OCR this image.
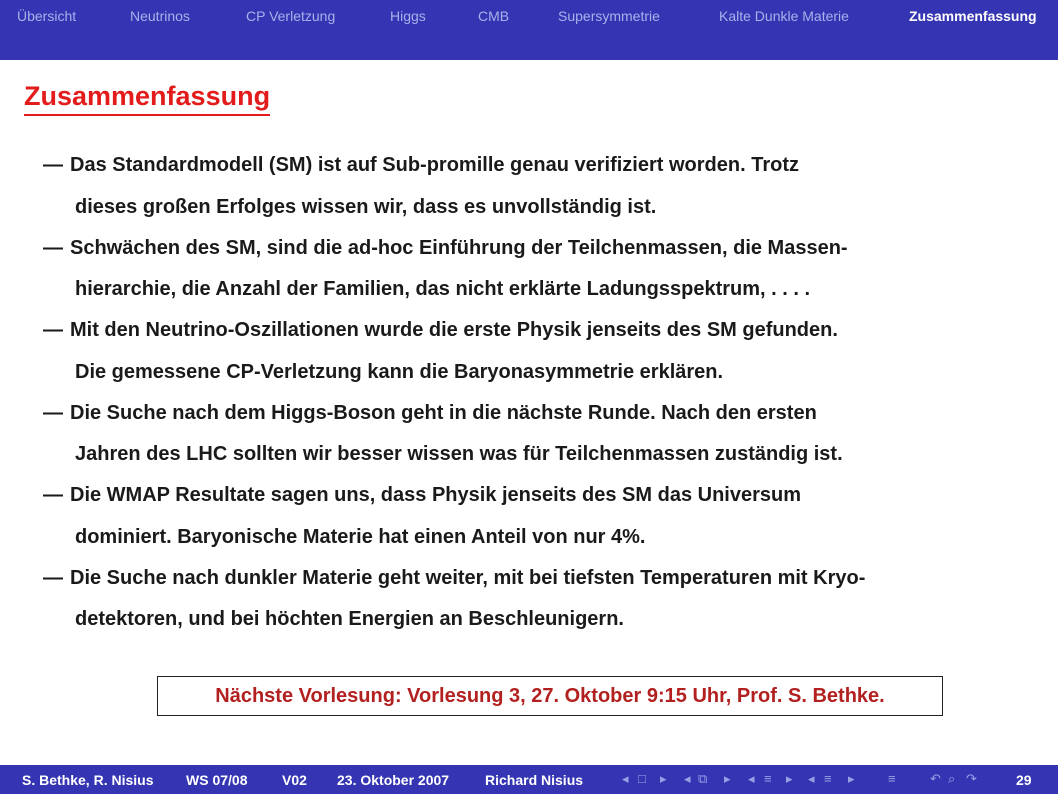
Übersicht	Neutrinos	CP Verletzung	Higgs	CMB	Supersymmetrie	Kalte Dunkle Materie	Zusammenfassung
Zusammenfassung
— Das Standardmodell (SM) ist auf Sub-promille genau verifiziert worden. Trotz
dieses großen Erfolges wissen wir, dass es unvollständig ist.
— Schwächen des SM, sind die ad-hoc Einführung der Teilchenmassen, die Massen-
hierarchie, die Anzahl der Familien, das nicht erklärte Ladungsspektrum, . . . .
— Mit den Neutrino-Oszillationen wurde die erste Physik jenseits des SM gefunden.
Die gemessene CP-Verletzung kann die Baryonasymmetrie erklären.
— Die Suche nach dem Higgs-Boson geht in die nächste Runde. Nach den ersten
Jahren des LHC sollten wir besser wissen was für Teilchenmassen zuständig ist.
— Die WMAP Resultate sagen uns, dass Physik jenseits des SM das Universum
dominiert. Baryonische Materie hat einen Anteil von nur 4%.
— Die Suche nach dunkler Materie geht weiter, mit bei tiefsten Temperaturen mit Kryo-
detektoren, und bei höchten Energien an Beschleunigern.
Nächste Vorlesung: Vorlesung 3, 27. Oktober 9:15 Uhr, Prof. S. Bethke.
S. Bethke, R. Nisius WS 07/08 V02 23. Oktober 2007	Richard Nisius	◂ □ ▸ ◂ ⧉ ▸ ◂ ≡ ▸ ◂ ≡ ▸	≡	↶ ⌕ ↷	29
